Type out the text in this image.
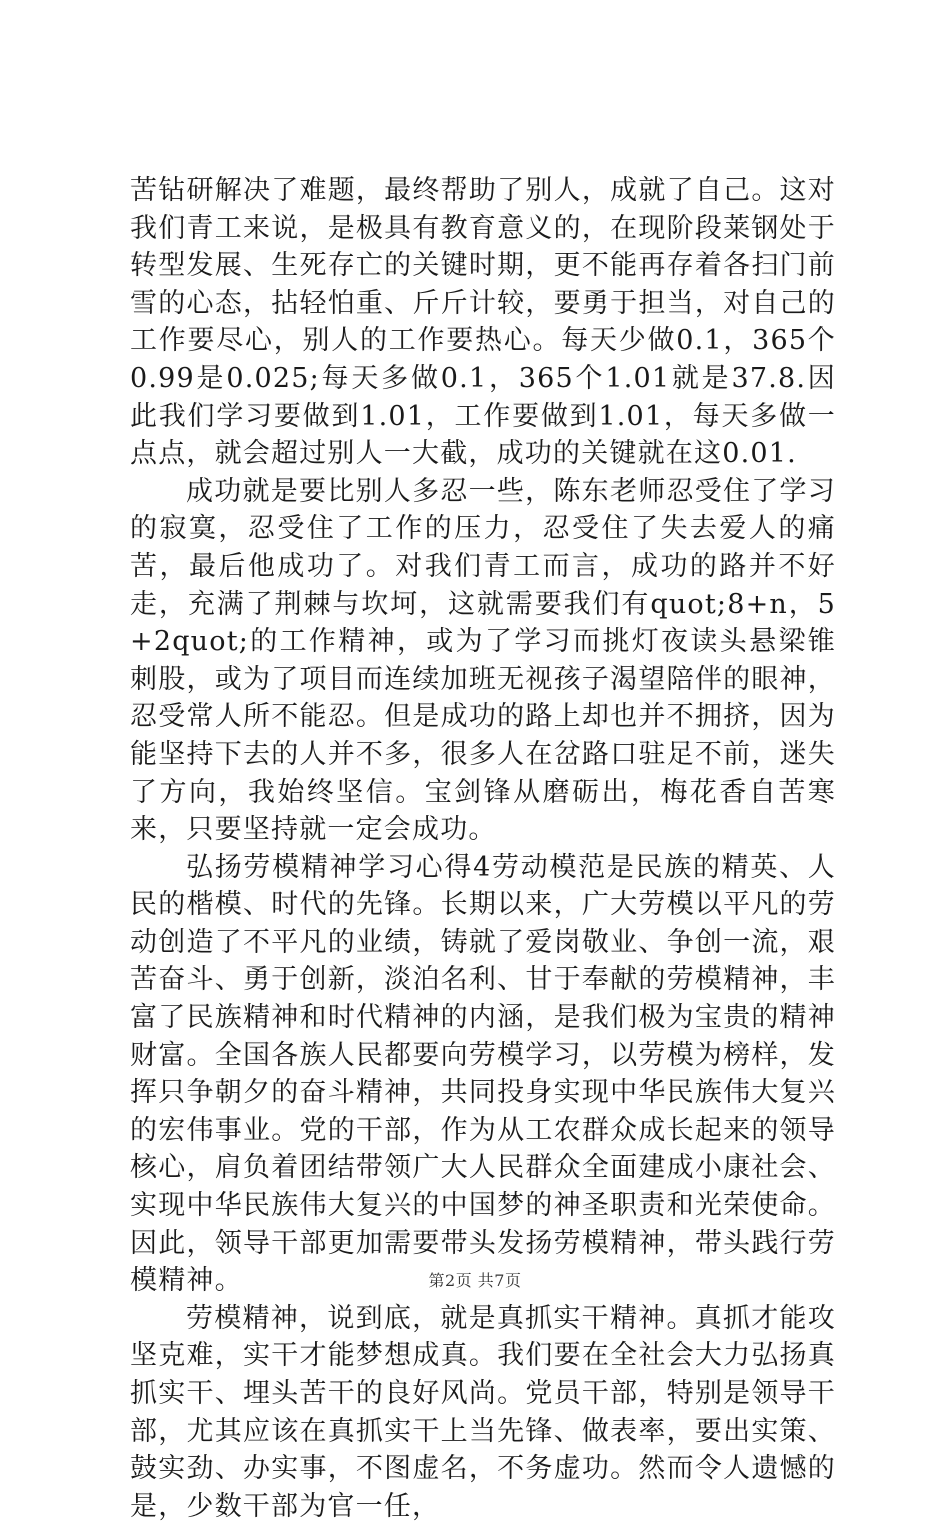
苦钻研解决了难题，最终帮助了别人，成就了自己。这对我们青工来说，是极具有教育意义的，在现阶段莱钢处于转型发展、生死存亡的关键时期，更不能再存着各扫门前雪的心态，拈轻怕重、斤斤计较，要勇于担当，对自己的工作要尽心，别人的工作要热心。每天少做0.1，365个0.99是0.025;每天多做0.1，365个1.01就是37.8.因此我们学习要做到1.01，工作要做到1.01，每天多做一点点，就会超过别人一大截，成功的关键就在这0.01.

成功就是要比别人多忍一些，陈东老师忍受住了学习的寂寞，忍受住了工作的压力，忍受住了失去爱人的痛苦，最后他成功了。对我们青工而言，成功的路并不好走，充满了荆棘与坎坷，这就需要我们有quot;8+n，5+2quot;的工作精神，或为了学习而挑灯夜读头悬梁锥刺股，或为了项目而连续加班无视孩子渴望陪伴的眼神，忍受常人所不能忍。但是成功的路上却也并不拥挤，因为能坚持下去的人并不多，很多人在岔路口驻足不前，迷失了方向，我始终坚信。宝剑锋从磨砺出，梅花香自苦寒来，只要坚持就一定会成功。

弘扬劳模精神学习心得4劳动模范是民族的精英、人民的楷模、时代的先锋。长期以来，广大劳模以平凡的劳动创造了不平凡的业绩，铸就了爱岗敬业、争创一流，艰苦奋斗、勇于创新，淡泊名利、甘于奉献的劳模精神，丰富了民族精神和时代精神的内涵，是我们极为宝贵的精神财富。全国各族人民都要向劳模学习，以劳模为榜样，发挥只争朝夕的奋斗精神，共同投身实现中华民族伟大复兴的宏伟事业。党的干部，作为从工农群众成长起来的领导核心，肩负着团结带领广大人民群众全面建成小康社会、实现中华民族伟大复兴的中国梦的神圣职责和光荣使命。因此，领导干部更加需要带头发扬劳模精神，带头践行劳模精神。

劳模精神，说到底，就是真抓实干精神。真抓才能攻坚克难，实干才能梦想成真。我们要在全社会大力弘扬真抓实干、埋头苦干的良好风尚。党员干部，特别是领导干部，尤其应该在真抓实干上当先锋、做表率，要出实策、鼓实劲、办实事，不图虚名，不务虚功。然而令人遗憾的是，少数干部为官一任，

第2页 共7页
